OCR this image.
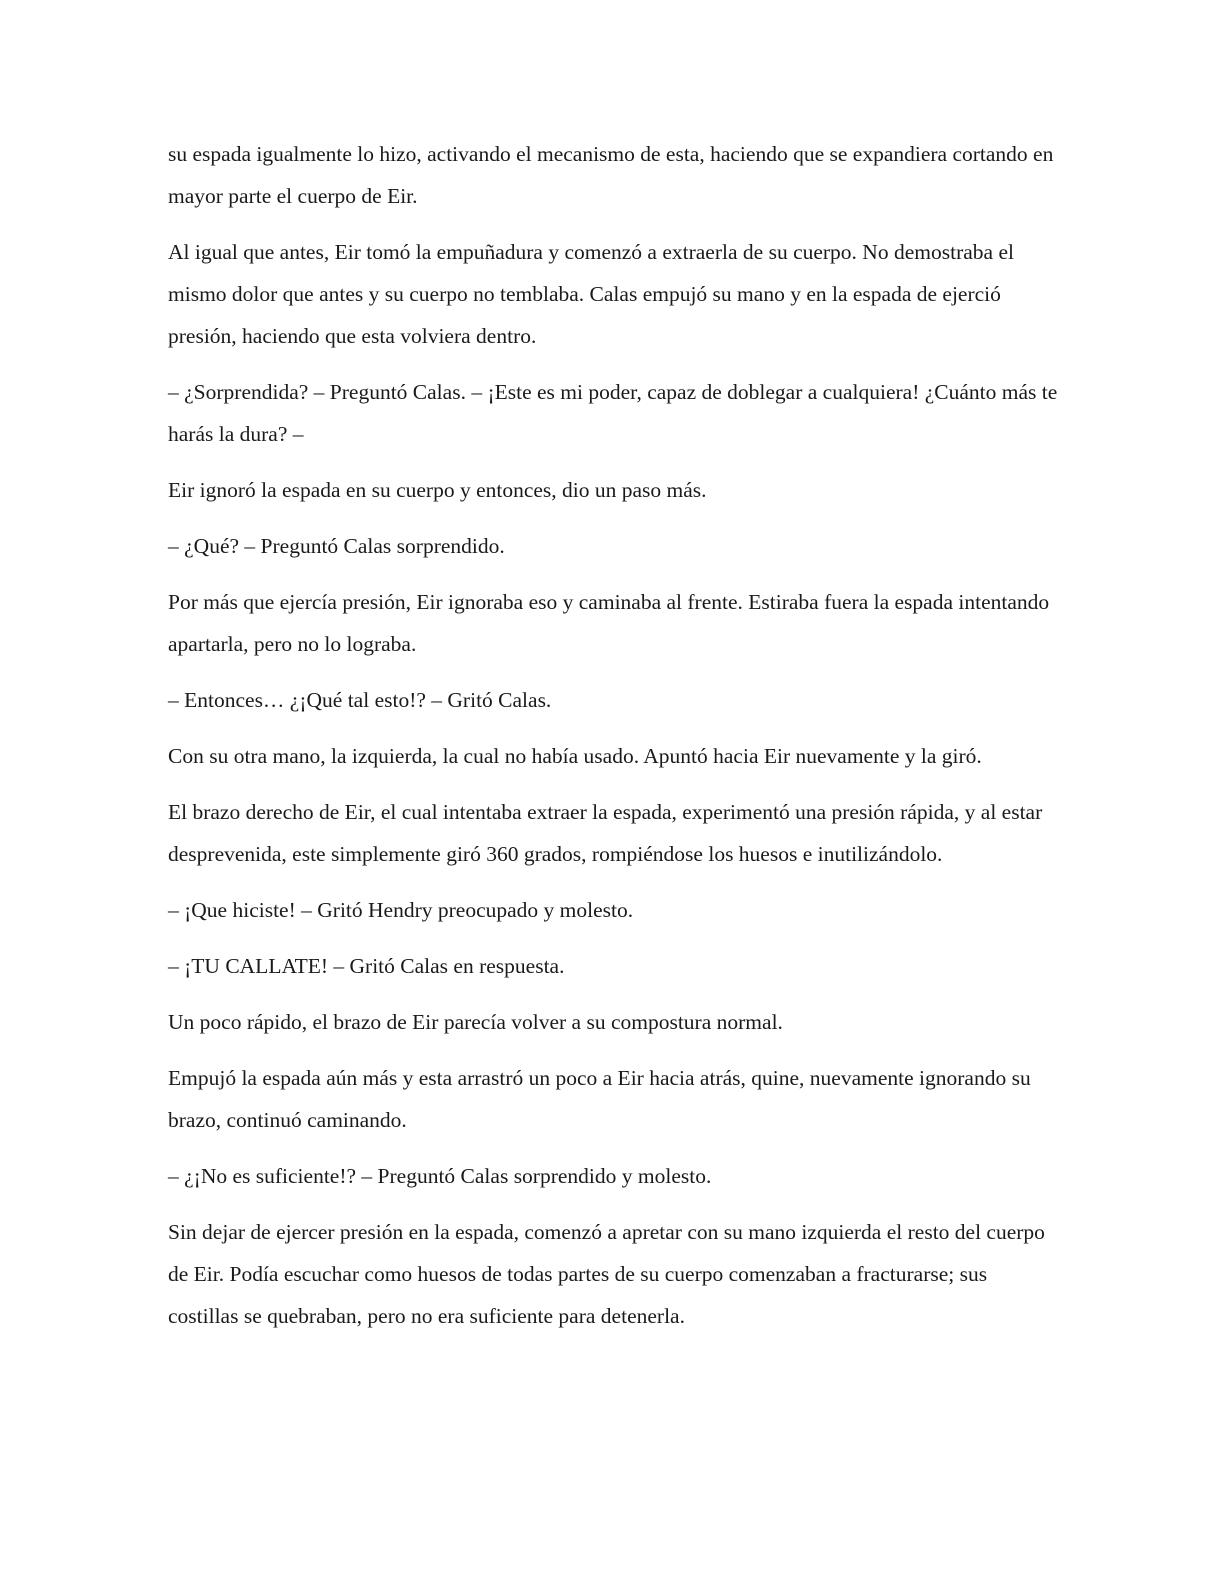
su espada igualmente lo hizo, activando el mecanismo de esta, haciendo que se expandiera cortando en mayor parte el cuerpo de Eir.

Al igual que antes, Eir tomó la empuñadura y comenzó a extraerla de su cuerpo. No demostraba el mismo dolor que antes y su cuerpo no temblaba. Calas empujó su mano y en la espada de ejerció presión, haciendo que esta volviera dentro.

– ¿Sorprendida? – Preguntó Calas. – ¡Este es mi poder, capaz de doblegar a cualquiera! ¿Cuánto más te harás la dura? –

Eir ignoró la espada en su cuerpo y entonces, dio un paso más.

– ¿Qué? – Preguntó Calas sorprendido.

Por más que ejercía presión, Eir ignoraba eso y caminaba al frente. Estiraba fuera la espada intentando apartarla, pero no lo lograba.

– Entonces… ¿¡Qué tal esto!? – Gritó Calas.

Con su otra mano, la izquierda, la cual no había usado. Apuntó hacia Eir nuevamente y la giró.

El brazo derecho de Eir, el cual intentaba extraer la espada, experimentó una presión rápida, y al estar desprevenida, este simplemente giró 360 grados, rompiéndose los huesos e inutilizándolo.

– ¡Que hiciste! – Gritó Hendry preocupado y molesto.

– ¡TU CALLATE! – Gritó Calas en respuesta.

Un poco rápido, el brazo de Eir parecía volver a su compostura normal.

Empujó la espada aún más y esta arrastró un poco a Eir hacia atrás, quine, nuevamente ignorando su brazo, continuó caminando.

– ¿¡No es suficiente!? – Preguntó Calas sorprendido y molesto.

Sin dejar de ejercer presión en la espada, comenzó a apretar con su mano izquierda el resto del cuerpo de Eir. Podía escuchar como huesos de todas partes de su cuerpo comenzaban a fracturarse; sus costillas se quebraban, pero no era suficiente para detenerla.
